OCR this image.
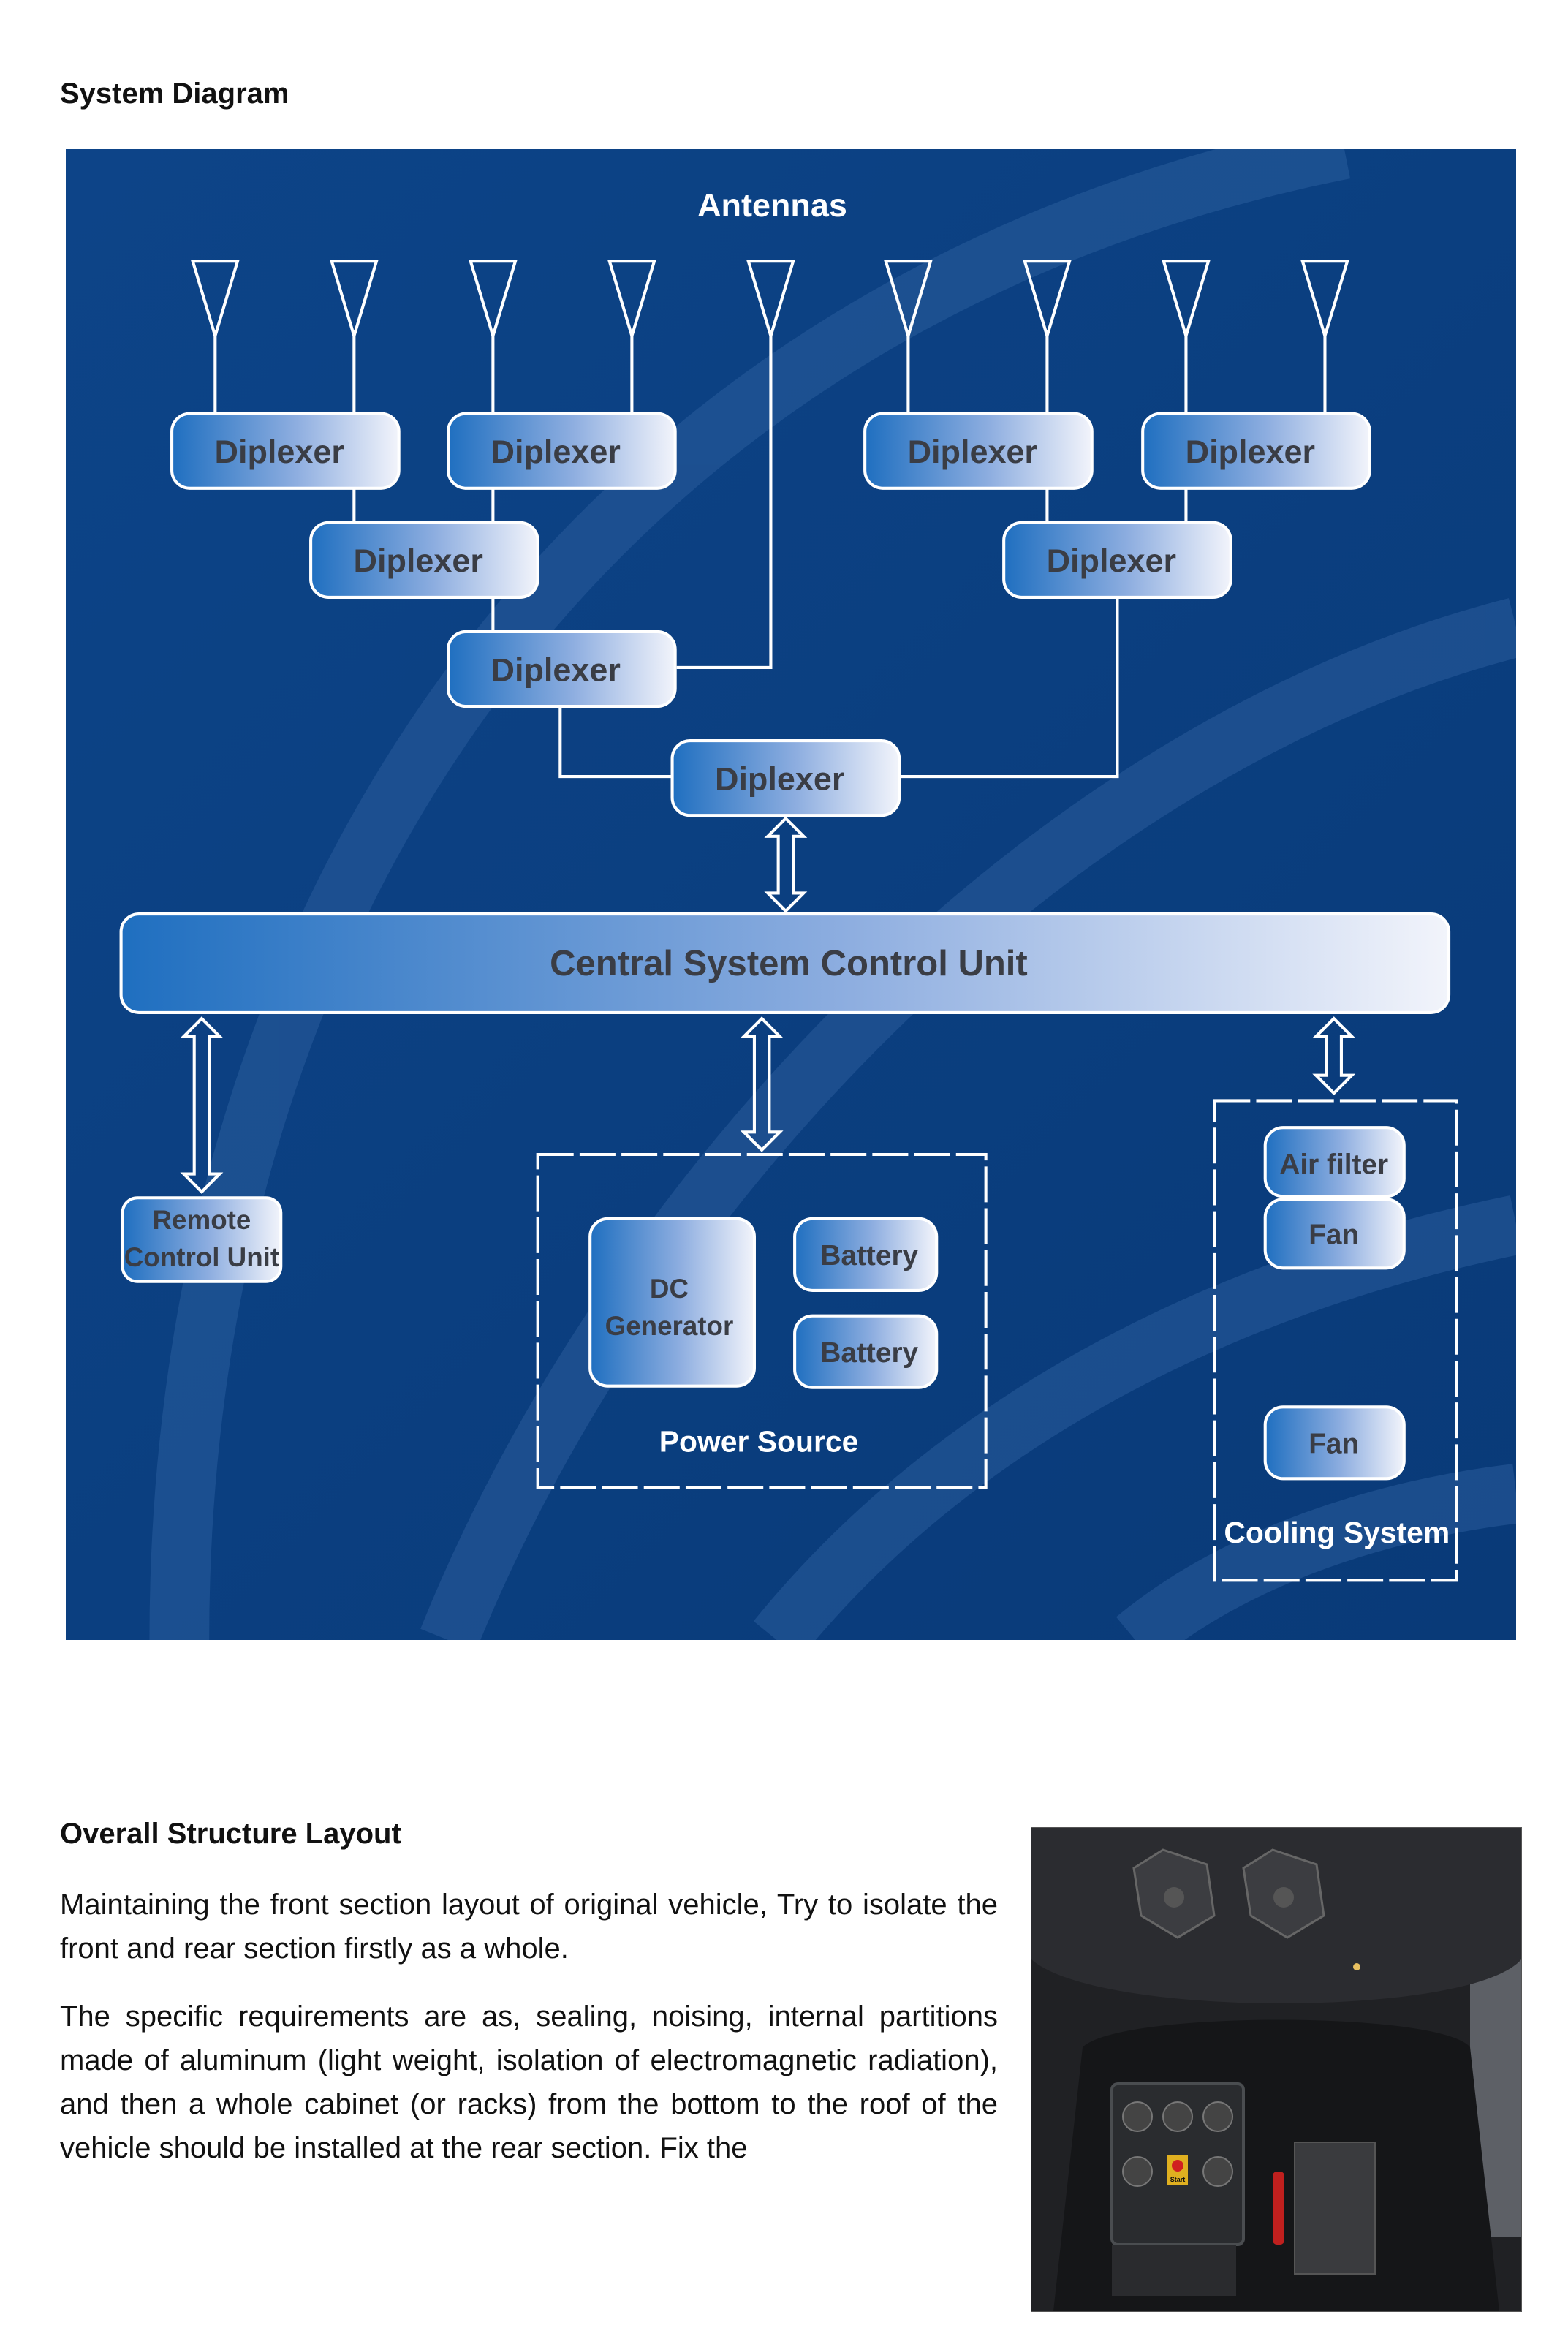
System Diagram
Antennas
Diplexer	Diplexer	Diplexer	Diplexer
Diplexer	Diplexer
Diplexer
Diplexer
Central System Control Unit
Remote
Control Unit
DC
Generator
Battery
Battery
Power Source
Air filter
Fan
Fan
Cooling System
Overall Structure Layout

Maintaining the front section layout of original vehicle, Try to isolate the front and rear section firstly as a whole.

The specific requirements are as, sealing, noising, internal partitions made of aluminum (light weight, isolation of electromagnetic radiation), and then a whole cabinet (or racks) from the bottom to the roof of the vehicle should be installed at the rear section. Fix the

Start
